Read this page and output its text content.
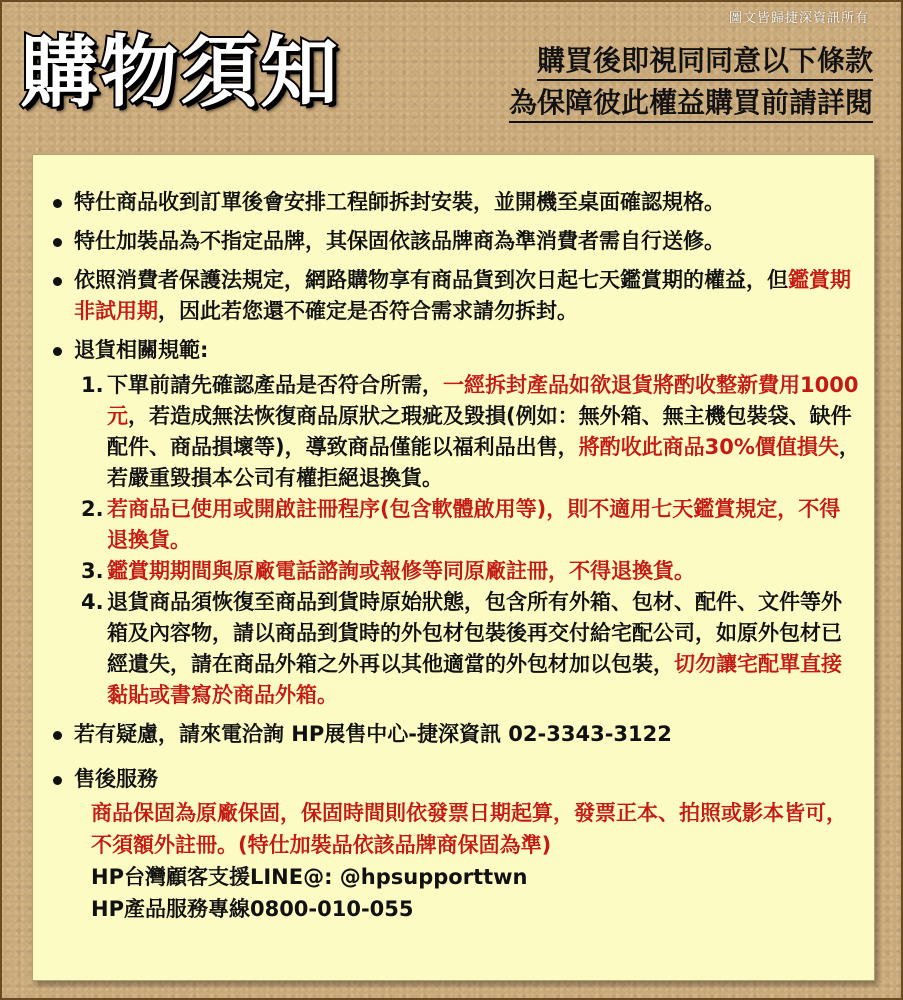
圖文皆歸捷深資訊所有
購物須知	購買後即視同同意以下條款
為保障彼此權益購買前請詳閱
特仕商品收到訂單後會安排工程師拆封安裝，並開機至桌面確認規格。
特仕加裝品為不指定品牌，其保固依該品牌商為準消費者需自行送修。
依照消費者保護法規定，網路購物享有商品貨到次日起七天鑑賞期的權益，但鑑賞期非試用期，因此若您還不確定是否符合需求請勿拆封。
退貨相關規範:
1. 下單前請先確認產品是否符合所需，一經拆封產品如欲退貨將酌收整新費用1000元，若造成無法恢復商品原狀之瑕疵及毀損(例如：無外箱、無主機包裝袋、缺件配件、商品損壞等)，導致商品僅能以福利品出售，將酌收此商品30%價值損失，若嚴重毀損本公司有權拒絕退換貨。
2. 若商品已使用或開啟註冊程序(包含軟體啟用等)，則不適用七天鑑賞規定，不得退換貨。
3. 鑑賞期期間與原廠電話諮詢或報修等同原廠註冊，不得退換貨。
4. 退貨商品須恢復至商品到貨時原始狀態，包含所有外箱、包材、配件、文件等外箱及內容物，請以商品到貨時的外包材包裝後再交付給宅配公司，如原外包材已經遺失，請在商品外箱之外再以其他適當的外包材加以包裝，切勿讓宅配單直接黏貼或書寫於商品外箱。
若有疑慮，請來電洽詢 HP展售中心-捷深資訊 02-3343-3122
售後服務
商品保固為原廠保固，保固時間則依發票日期起算，發票正本、拍照或影本皆可，不須額外註冊。(特仕加裝品依該品牌商保固為準)
HP台灣顧客支援LINE@: @hpsupporttwn
HP產品服務專線0800-010-055
